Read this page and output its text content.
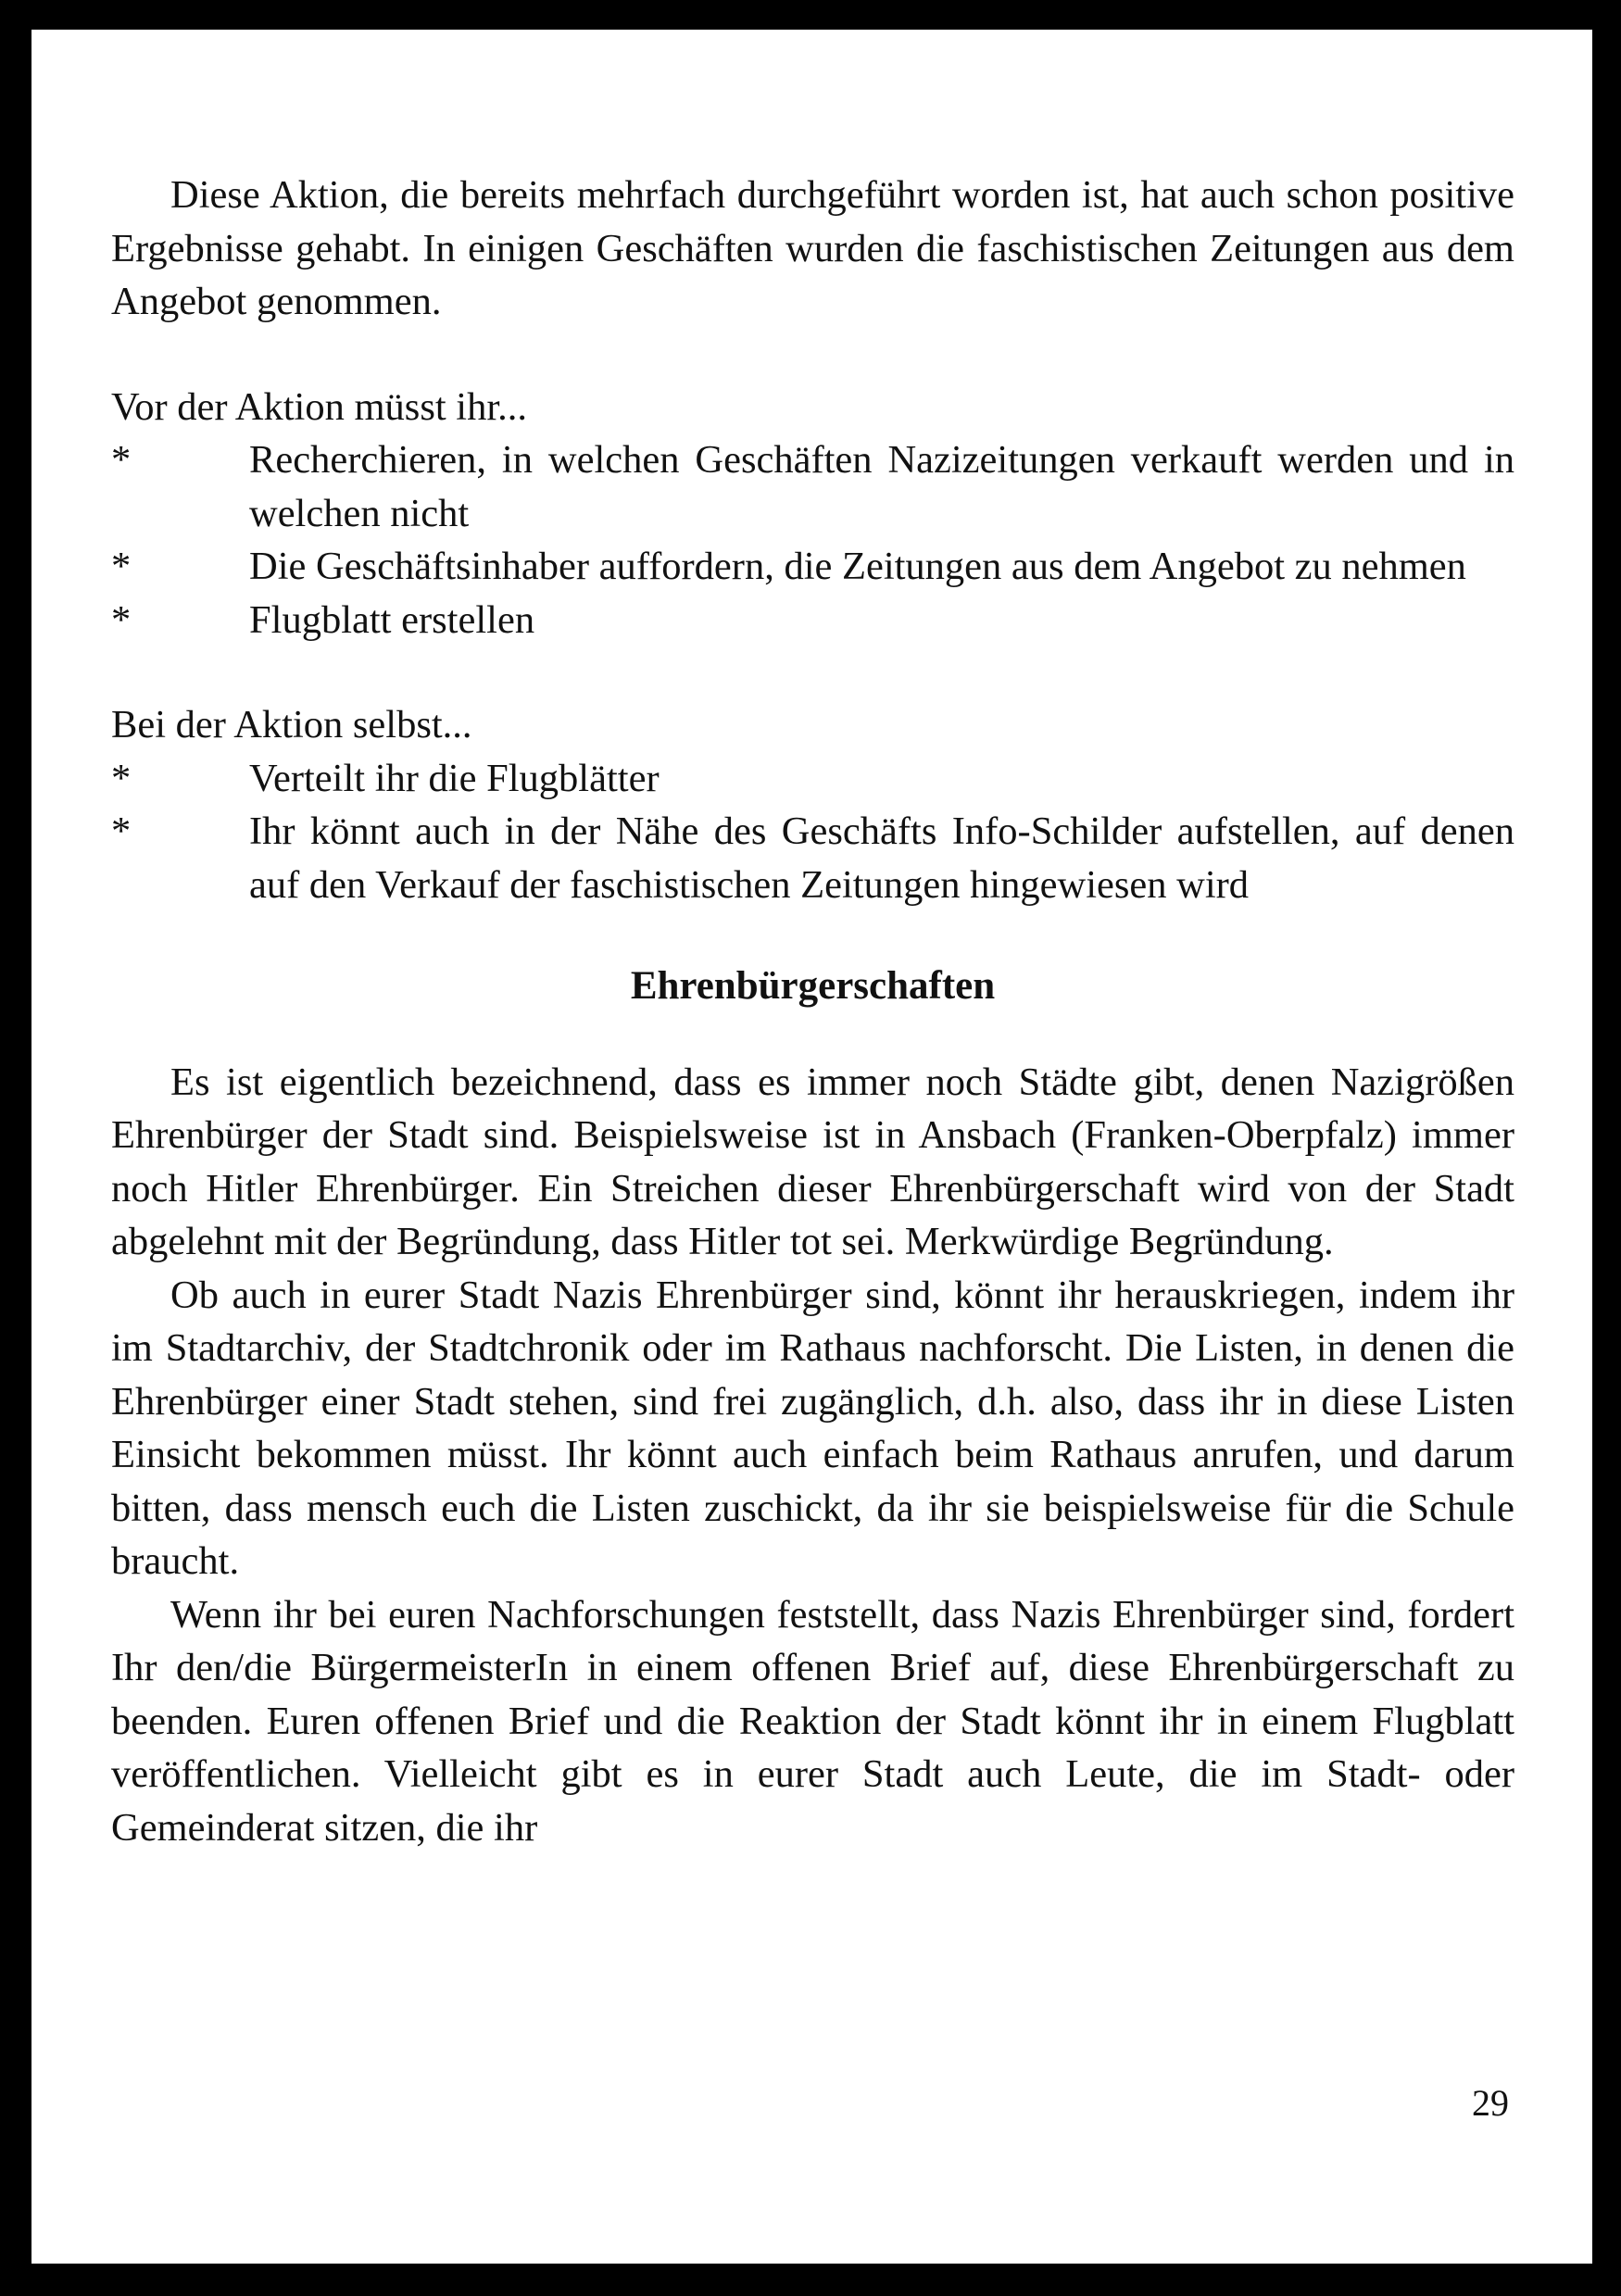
Diese Aktion, die bereits mehrfach durchgeführt worden ist, hat auch schon positive Ergebnisse gehabt. In einigen Geschäften wurden die faschistischen Zeitungen aus dem Angebot genommen.

Vor der Aktion müsst ihr...

*	Recherchieren, in welchen Geschäften Nazizeitungen verkauft werden und in welchen nicht
*	Die Geschäftsinhaber auffordern, die Zeitungen aus dem Angebot zu nehmen
*	Flugblatt erstellen

Bei der Aktion selbst...

*	Verteilt ihr die Flugblätter
*	Ihr könnt auch in der Nähe des Geschäfts Info-Schilder aufstellen, auf denen auf den Verkauf der faschistischen Zeitungen hingewiesen wird
Ehrenbürgerschaften

Es ist eigentlich bezeichnend, dass es immer noch Städte gibt, denen Nazigrößen Ehrenbürger der Stadt sind. Beispielsweise ist in Ansbach (Franken-Oberpfalz) immer noch Hitler Ehrenbürger. Ein Streichen dieser Ehrenbürgerschaft wird von der Stadt abgelehnt mit der Begründung, dass Hitler tot sei. Merkwürdige Begründung.

Ob auch in eurer Stadt Nazis Ehrenbürger sind, könnt ihr herauskriegen, indem ihr im Stadtarchiv, der Stadtchronik oder im Rathaus nachforscht. Die Listen, in denen die Ehrenbürger einer Stadt stehen, sind frei zugänglich, d.h. also, dass ihr in diese Listen Einsicht bekommen müsst. Ihr könnt auch einfach beim Rathaus anrufen, und darum bitten, dass mensch euch die Listen zuschickt, da ihr sie beispielsweise für die Schule braucht.

Wenn ihr bei euren Nachforschungen feststellt, dass Nazis Ehrenbürger sind, fordert Ihr den/die BürgermeisterIn in einem offenen Brief auf, diese Ehrenbürgerschaft zu beenden. Euren offenen Brief und die Reaktion der Stadt könnt ihr in einem Flugblatt veröffentlichen. Vielleicht gibt es in eurer Stadt auch Leute, die im Stadt- oder Gemeinderat sitzen, die ihr

29
